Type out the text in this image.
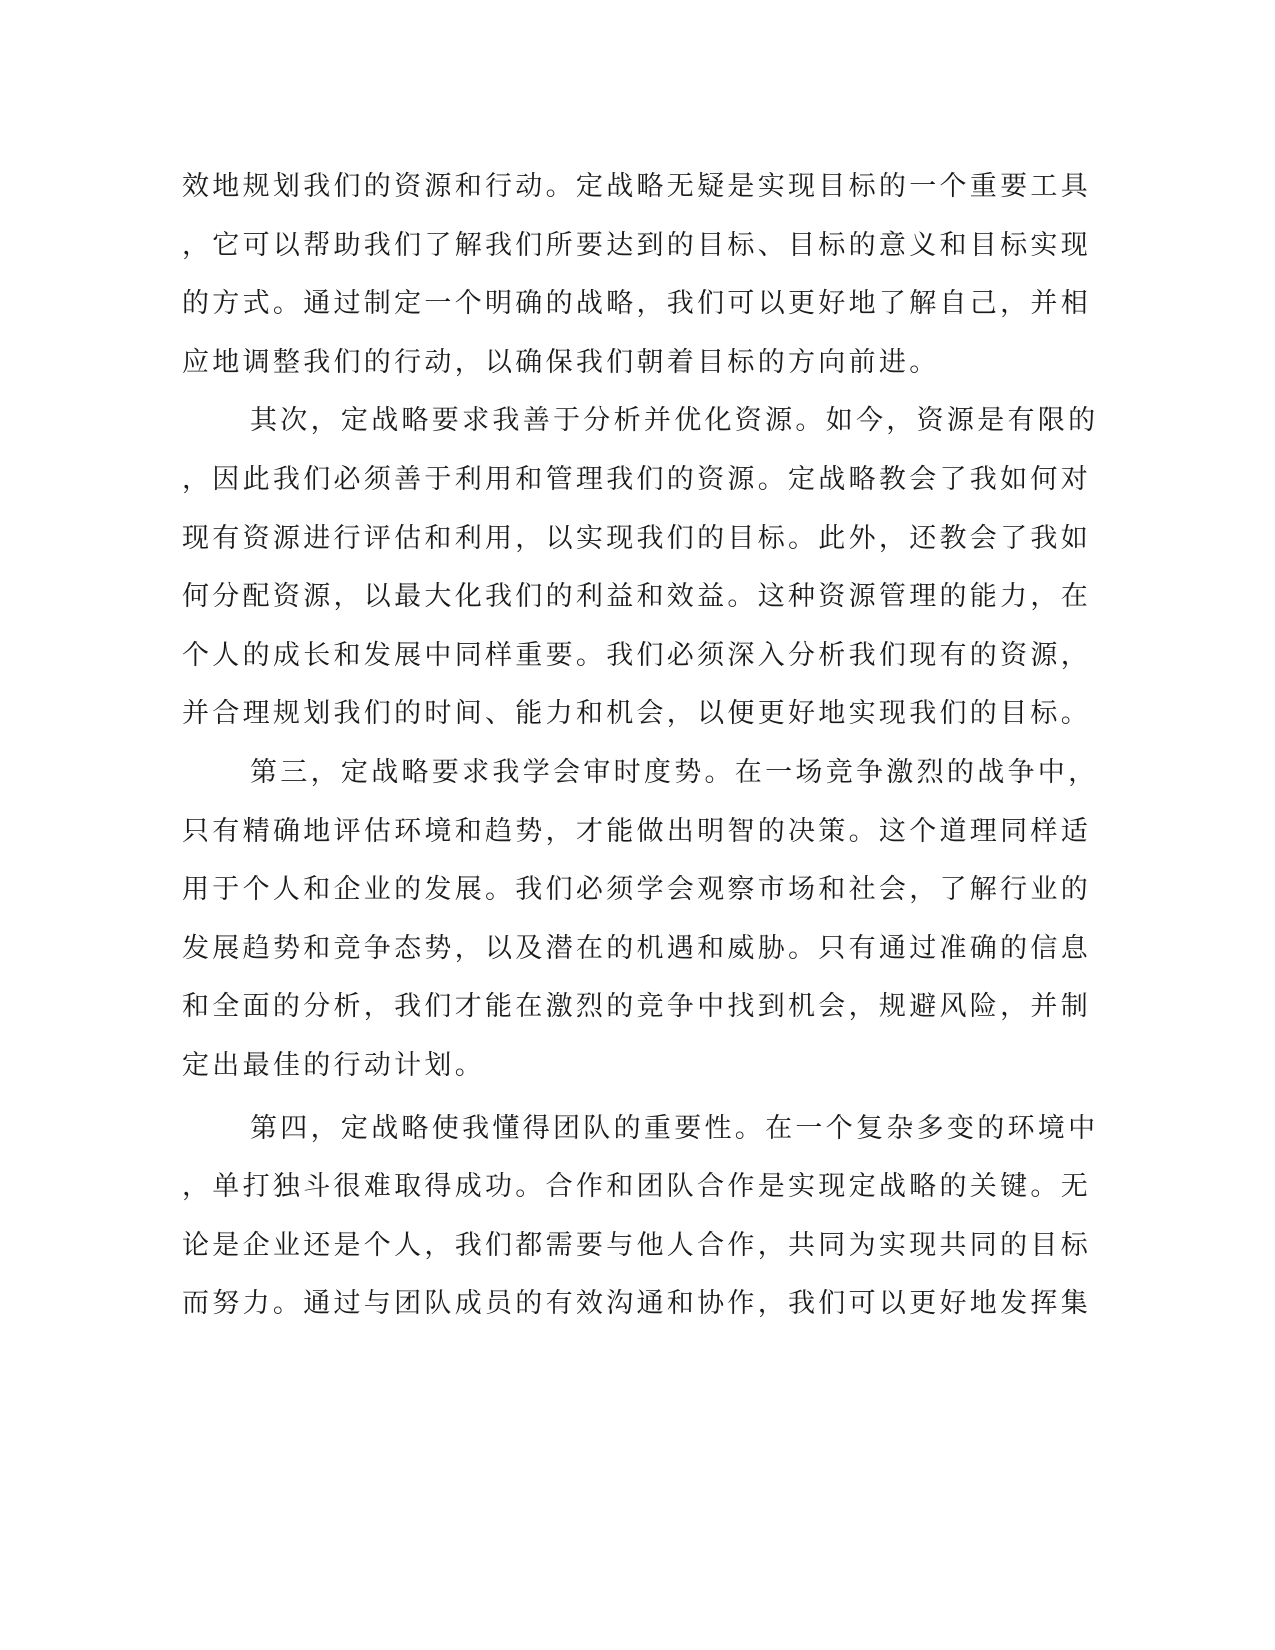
效地规划我们的资源和行动。定战略无疑是实现目标的一个重要工具
，它可以帮助我们了解我们所要达到的目标、目标的意义和目标实现
的方式。通过制定一个明确的战略，我们可以更好地了解自己，并相
应地调整我们的行动，以确保我们朝着目标的方向前进。
其次，定战略要求我善于分析并优化资源。如今，资源是有限的
，因此我们必须善于利用和管理我们的资源。定战略教会了我如何对
现有资源进行评估和利用，以实现我们的目标。此外，还教会了我如
何分配资源，以最大化我们的利益和效益。这种资源管理的能力，在
个人的成长和发展中同样重要。我们必须深入分析我们现有的资源，
并合理规划我们的时间、能力和机会，以便更好地实现我们的目标。
第三，定战略要求我学会审时度势。在一场竞争激烈的战争中，
只有精确地评估环境和趋势，才能做出明智的决策。这个道理同样适
用于个人和企业的发展。我们必须学会观察市场和社会，了解行业的
发展趋势和竞争态势，以及潜在的机遇和威胁。只有通过准确的信息
和全面的分析，我们才能在激烈的竞争中找到机会，规避风险，并制
定出最佳的行动计划。
第四，定战略使我懂得团队的重要性。在一个复杂多变的环境中
，单打独斗很难取得成功。合作和团队合作是实现定战略的关键。无
论是企业还是个人，我们都需要与他人合作，共同为实现共同的目标
而努力。通过与团队成员的有效沟通和协作，我们可以更好地发挥集
